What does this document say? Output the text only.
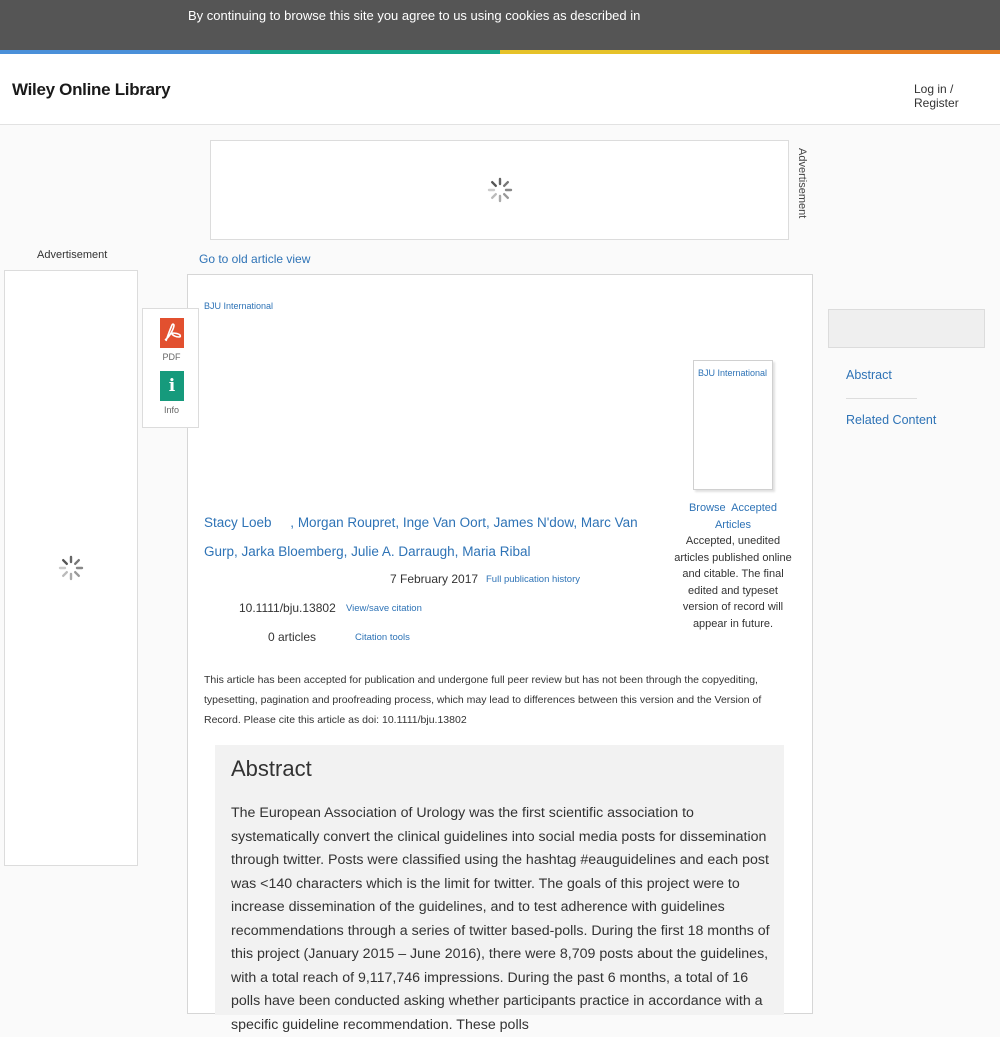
By continuing to browse this site you agree to us using cookies as described in
Wiley Online Library	Log in / Register
Advertisement
Advertisement	Go to old article view
PDF
i
Info
BJU International
BJU International
Browse Accepted Articles
Accepted, unedited articles published online and citable. The final edited and typeset version of record will appear in future.
Stacy Loeb     , Morgan Roupret, Inge Van Oort, James N'dow, Marc Van Gurp, Jarka Bloemberg, Julie A. Darraugh, Maria Ribal
7 February 2017 Full publication history
10.1111/bju.13802 View/save citation
0 articles	Citation tools
This article has been accepted for publication and undergone full peer review but has not been through the copyediting, typesetting, pagination and proofreading process, which may lead to differences between this version and the Version of Record. Please cite this article as doi: 10.1111/bju.13802
Abstract
The European Association of Urology was the first scientific association to systematically convert the clinical guidelines into social media posts for dissemination through twitter. Posts were classified using the hashtag #eauguidelines and each post was <140 characters which is the limit for twitter. The goals of this project were to increase dissemination of the guidelines, and to test adherence with guidelines recommendations through a series of twitter based-polls. During the first 18 months of this project (January 2015 – June 2016), there were 8,709 posts about the guidelines, with a total reach of 9,117,746 impressions. During the past 6 months, a total of 16 polls have been conducted asking whether participants practice in accordance with a specific guideline recommendation. These polls
Abstract
Related Content
